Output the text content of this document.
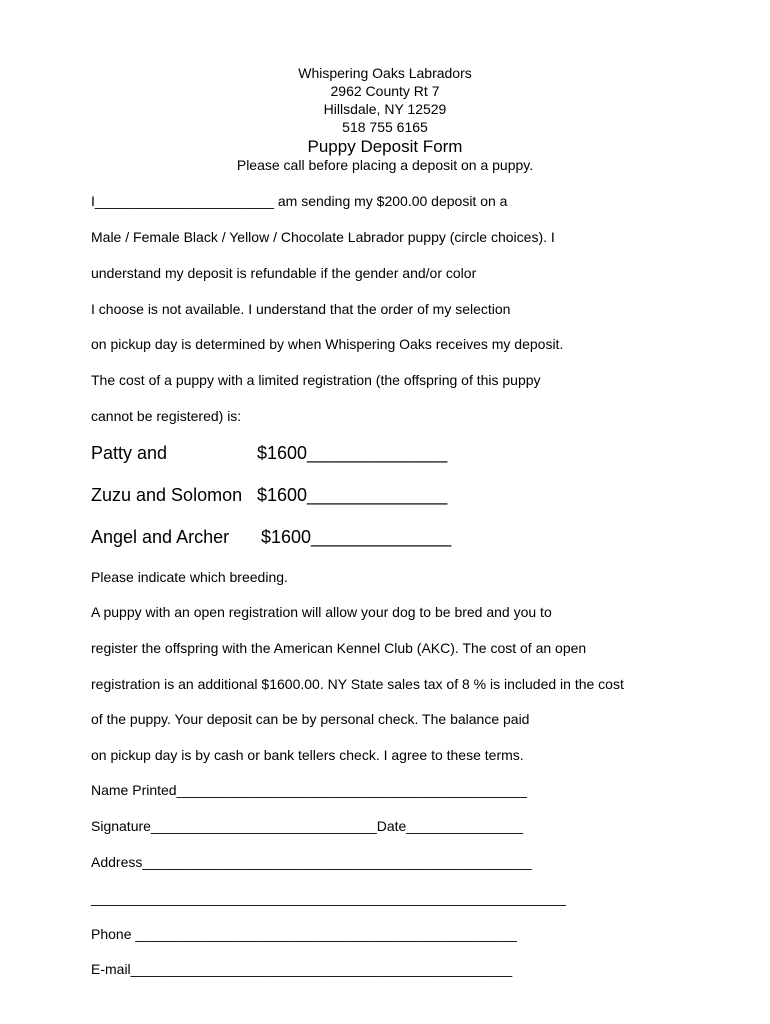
Whispering Oaks Labradors
2962 County Rt 7
Hillsdale, NY 12529
518 755 6165
Puppy Deposit Form
Please call before placing a deposit on a puppy.
I_______________________ am sending my $200.00 deposit on a
Male / Female Black / Yellow / Chocolate Labrador puppy (circle choices). I
understand my deposit is refundable if the gender and/or color
I choose is not available. I understand that the order of my selection
on pickup day is determined by when Whispering Oaks receives my deposit.
The cost of a puppy with a limited registration (the offspring of this puppy
cannot be registered) is:
Patty and	$1600______________
Zuzu and Solomon $1600______________
Angel and Archer $1600______________
Please indicate which breeding.
A puppy with an open registration will allow your dog to be bred and you to
register the offspring with the American Kennel Club (AKC). The cost of an open
registration is an additional $1600.00. NY State sales tax of 8 % is included in the cost
of the puppy. Your deposit can be by personal check. The balance paid
on pickup day is by cash or bank tellers check. I agree to these terms.
Name Printed_____________________________________________
Signature_____________________________Date_______________
Address__________________________________________________
_____________________________________________________________
Phone _________________________________________________
E-mail_________________________________________________
